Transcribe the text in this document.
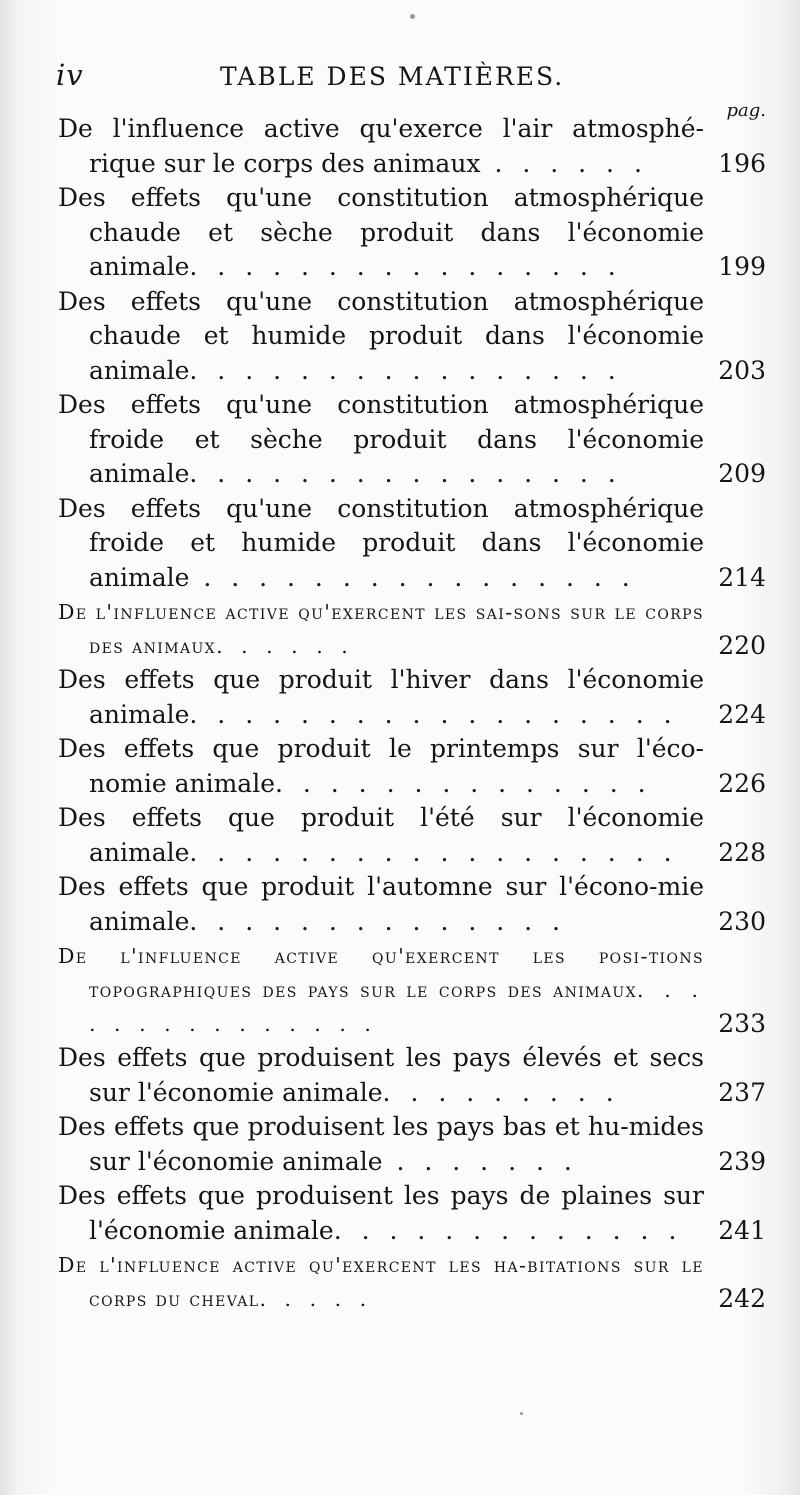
iv	TABLE DES MATIÈRES.
pag.
De l'influence active qu'exerce l'air atmosphé-rique sur le corps des animaux . . . . . .	196
Des effets qu'une constitution atmosphérique chaude et sèche produit dans l'économie animale. . . . . . . . . . . . . . . .	199
Des effets qu'une constitution atmosphérique chaude et humide produit dans l'économie animale. . . . . . . . . . . . . . . .	203
Des effets qu'une constitution atmosphérique froide et sèche produit dans l'économie animale. . . . . . . . . . . . . . . .	209
Des effets qu'une constitution atmosphérique froide et humide produit dans l'économie animale . . . . . . . . . . . . . . . .	214
De l'influence active qu'exercent les sai-sons sur le corps des animaux. . . . . .	220
Des effets que produit l'hiver dans l'économie animale. . . . . . . . . . . . . . . . . . 224
Des effets que produit le printemps sur l'éco-nomie animale. . . . . . . . . . . . . .	226
Des effets que produit l'été sur l'économie animale. . . . . . . . . . . . . . . . . . 228
Des effets que produit l'automne sur l'écono-mie animale. . . . . . . . . . . . . .	230
De l'influence active qu'exercent les posi-tions topographiques des pays sur le corps des animaux. . . . . . . . . . . . . . .	233
Des effets que produisent les pays élevés et secs sur l'économie animale. . . . . . . . .	237
Des effets que produisent les pays bas et hu-mides sur l'économie animale . . . . . . .	239
Des effets que produisent les pays de plaines sur l'économie animale. . . . . . . . . . . . . 241
De l'influence active qu'exercent les ha-bitations sur le corps du cheval. . . . .	242
